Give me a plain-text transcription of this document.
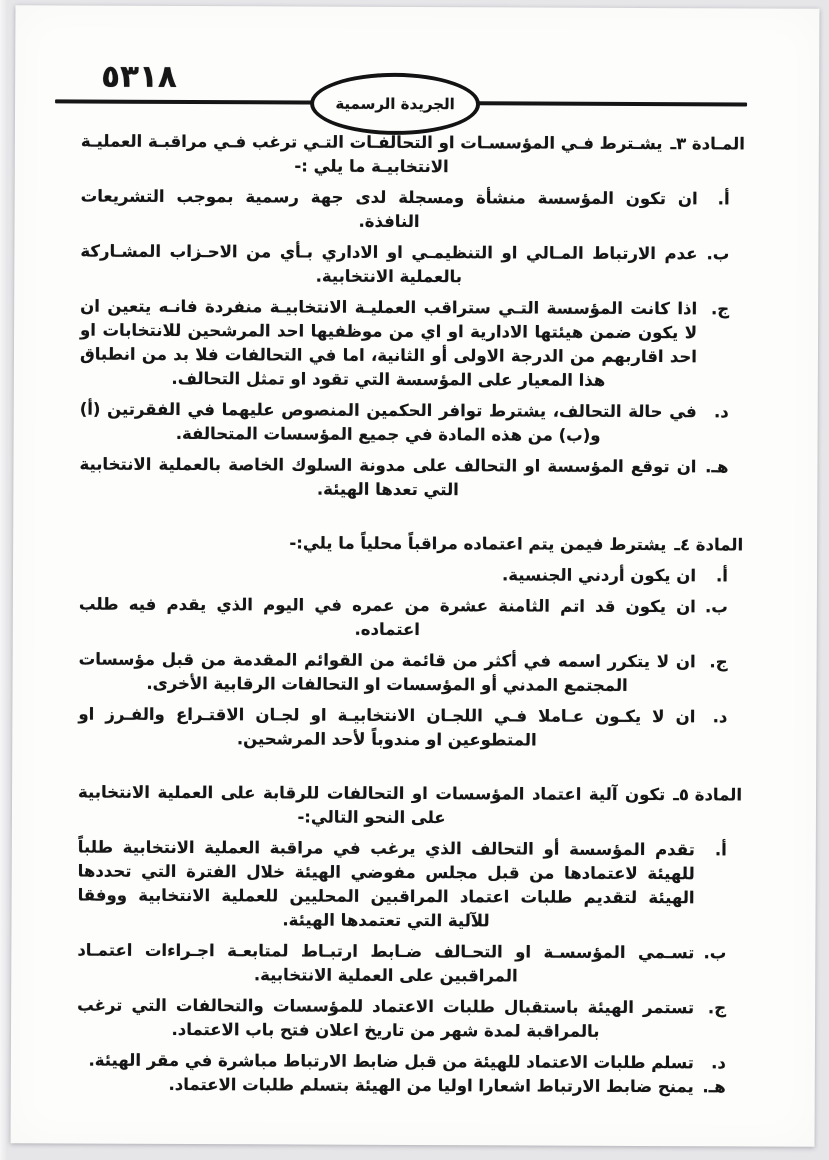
٥٣١٨
الجريدة الرسمية
المـادة ٣ـ
يشـترط فـي المؤسسـات او التحالفـات التـي ترغب فـي مراقبـة العمليـة الانتخابيـة ما يلي :-
أ.
ان تكون المؤسسة منشأة ومسجلة لدى جهة رسمية بموجب التشريعات النافذة.
ب.
عدم الارتباط المـالي او التنظيمـي او الاداري بـأي من الاحـزاب المشـاركة بالعملية الانتخابية.
ج.
اذا كانت المؤسسة التـي ستراقب العمليـة الانتخابيـة منفردة فانـه يتعين ان لا يكون ضمن هيئتها الادارية او اي من موظفيها احد المرشحين للانتخابات او احد اقاربهم من الدرجة الاولى أو الثانية، اما في التحالفات فلا بد من انطباق هذا المعيار على المؤسسة التي تقود او تمثل التحالف.
د.
في حالة التحالف، يشترط توافر الحكمين المنصوص عليهما في الفقرتين (أ) و(ب) من هذه المادة في جميع المؤسسات المتحالفة.
هـ.
ان توقع المؤسسة او التحالف على مدونة السلوك الخاصة بالعملية الانتخابية التي تعدها الهيئة.
المادة ٤ـ
يشترط فيمن يتم اعتماده مراقباً محلياً ما يلي:-
أ.
ان يكون أردني الجنسية.
ب.
ان يكون قد اتم الثامنة عشرة من عمره في اليوم الذي يقدم فيه طلب اعتماده.
ج.
ان لا يتكرر اسمه في أكثر من قائمة من القوائم المقدمة من قبل مؤسسات المجتمع المدني أو المؤسسات او التحالفات الرقابية الأخرى.
د.
ان لا يكـون عـاملا فـي اللجـان الانتخابيـة او لجـان الاقتـراع والفـرز او المتطوعين او مندوباً لأحد المرشحين.
المادة ٥ـ
تكون آلية اعتماد المؤسسات او التحالفات للرقابة على العملية الانتخابية على النحو التالي:-
أ.
تقدم المؤسسة أو التحالف الذي يرغب في مراقبة العملية الانتخابية طلباً للهيئة لاعتمادها من قبل مجلس مفوضي الهيئة خلال الفترة التي تحددها الهيئة لتقديم طلبات اعتماد المراقبين المحليين للعملية الانتخابية ووفقا للآلية التي تعتمدها الهيئة.
ب.
تسـمي المؤسسـة او التحـالف ضـابط ارتبـاط لمتابعـة اجـراءات اعتمـاد المراقبين على العملية الانتخابية.
ج.
تستمر الهيئة باستقبال طلبات الاعتماد للمؤسسات والتحالفات التي ترغب بالمراقبة لمدة شهر من تاريخ اعلان فتح باب الاعتماد.
د.
تسلم طلبات الاعتماد للهيئة من قبل ضابط الارتباط مباشرة في مقر الهيئة.
هـ.
يمنح ضابط الارتباط اشعارا اوليا من الهيئة بتسلم طلبات الاعتماد.
